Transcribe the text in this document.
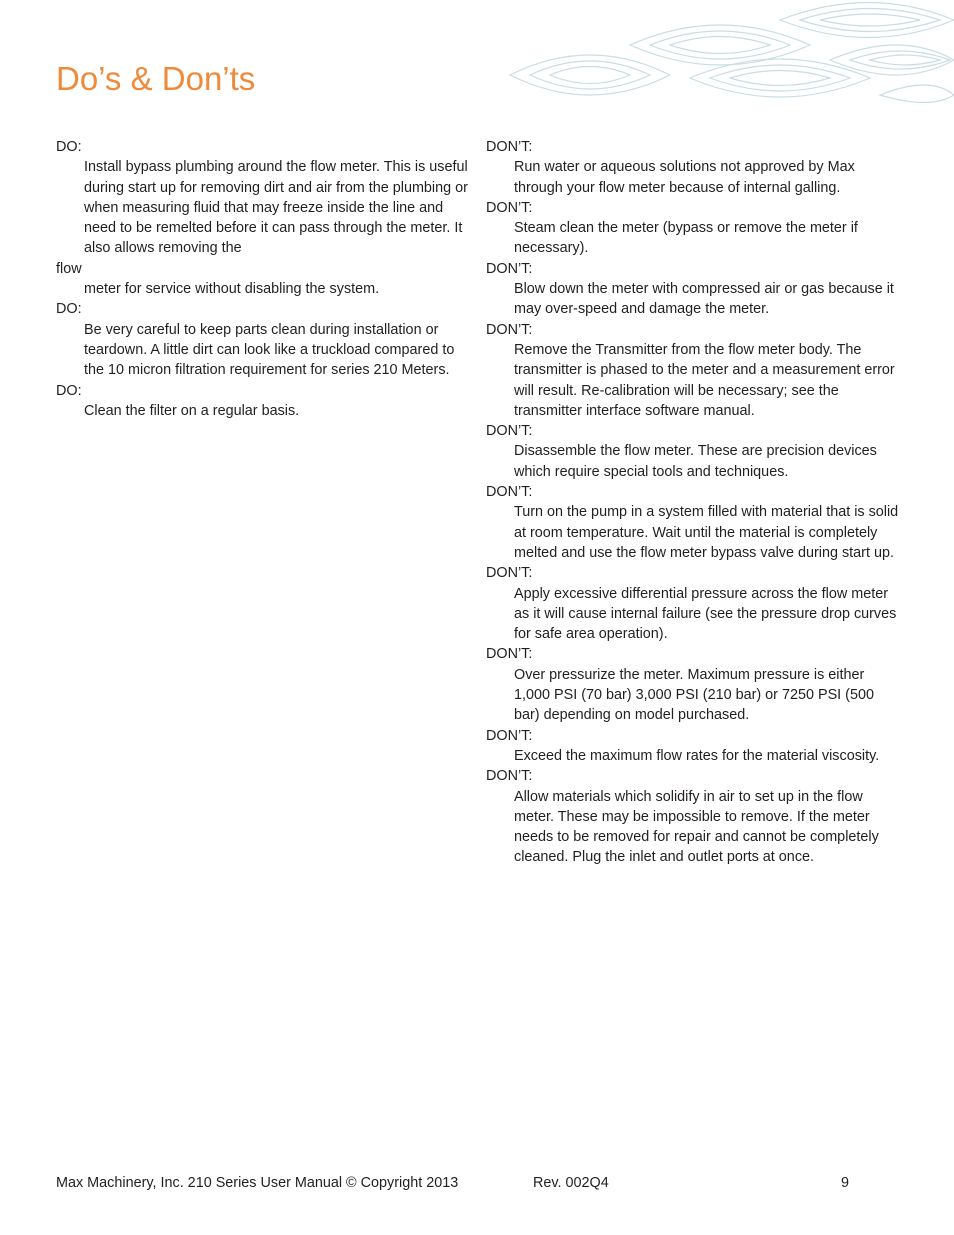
Do’s & Don’ts

DO:

Install bypass plumbing around the flow meter. This is useful during start up for removing dirt and air from the plumbing or when measuring fluid that may freeze inside the line and need to be remelted before it can pass through the meter. It also allows removing the

flow

meter for service without disabling the system.

DO:

Be very careful to keep parts clean during installation or teardown. A little dirt can look like a truckload compared to the 10 micron filtration requirement for series 210 Meters.

DO:

Clean the filter on a regular basis.

DON’T:

Run water or aqueous solutions not approved by Max through your flow meter because of internal galling.

DON’T:

Steam clean the meter (bypass or remove the meter if necessary).

DON’T:

Blow down the meter with compressed air or gas because it may over-speed and damage the meter.

DON’T:

Remove the Transmitter from the flow meter body. The transmitter is phased to the meter and a measurement error will result. Re-calibration will be necessary; see the transmitter interface software manual.

DON’T:

Disassemble the flow meter. These are precision devices which require special tools and techniques.

DON’T:

Turn on the pump in a system filled with material that is solid at room temperature. Wait until the material is completely melted and use the flow meter bypass valve during start up.

DON’T:

Apply excessive differential pressure across the flow meter as it will cause internal failure (see the pressure drop curves for safe area operation).

DON’T:

Over pressurize the meter. Maximum pressure is either 1,000 PSI (70 bar) 3,000 PSI (210 bar) or 7250 PSI (500 bar) depending on model purchased.

DON’T:

Exceed the maximum flow rates for the material viscosity.

DON’T:

Allow materials which solidify in air to set up in the flow meter. These may be impossible to remove. If the meter needs to be removed for repair and cannot be completely cleaned. Plug the inlet and outlet ports at once.

Max Machinery, Inc. 210 Series User Manual © Copyright 2013	Rev. 002Q4	9
